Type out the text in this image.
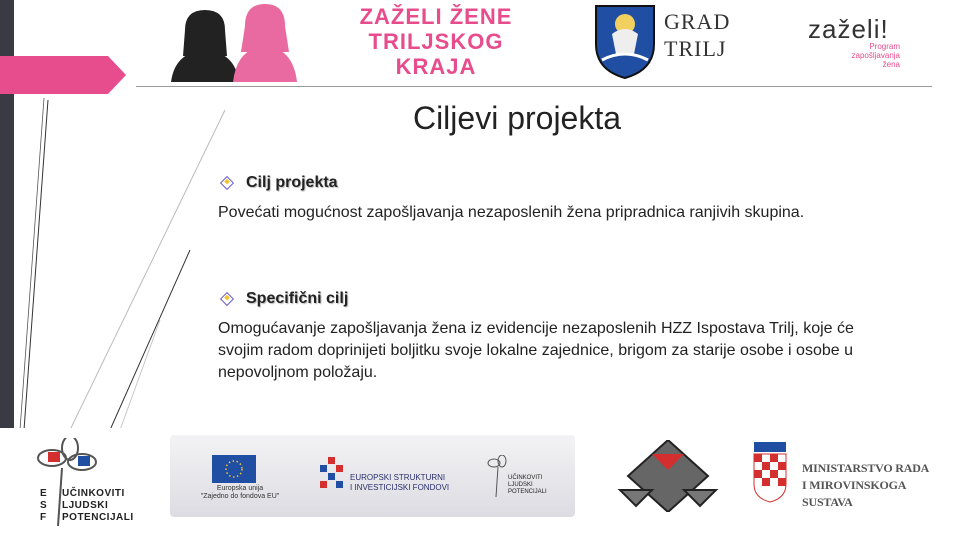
ZAŽELI ŽENE
TRILJSKOG
KRAJA
GRAD
TRILJ
zaželi!
Program
zapošljavanja
žena
Ciljevi projekta
Cilj projekta
Povećati mogućnost zapošljavanja nezaposlenih žena pripradnica ranjivih skupina.
Specifični cilj
Omogućavanje zapošljavanja žena iz evidencije nezaposlenih HZZ Ispostava Trilj, koje će svojim radom doprinijeti boljitku svoje lokalne zajednice, brigom za starije osobe i osobe u nepovoljnom položaju.
E
S
F
UČINKOVITI
LJUDSKI
POTENCIJALI
Europska unija
"Zajedno do fondova EU"
EUROPSKI STRUKTURNI
I INVESTICIJSKI FONDOVI
UČINKOVITI
LJUDSKI
POTENCIJALI
MINISTARSTVO RADA
I MIROVINSKOGA SUSTAVA
